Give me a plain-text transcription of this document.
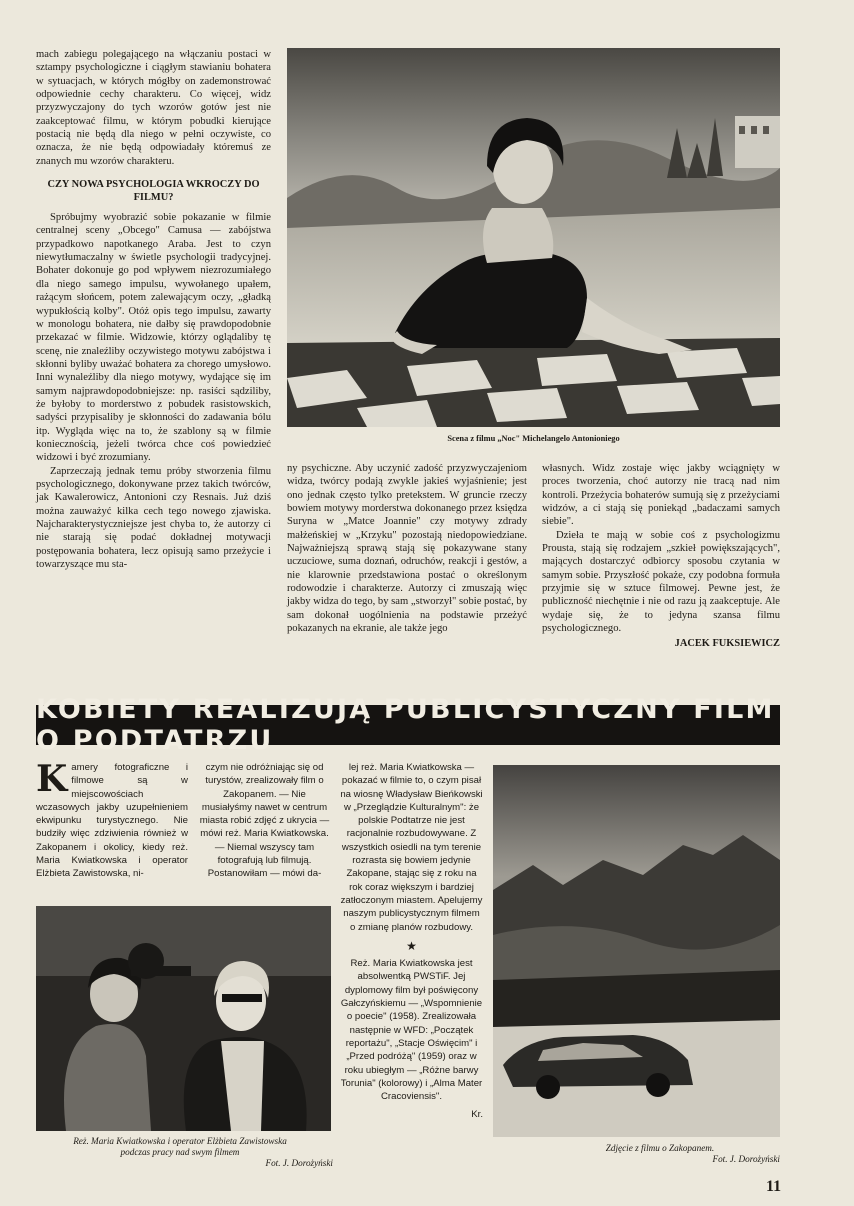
mach zabiegu polegającego na włączaniu postaci w sztampy psychologiczne i ciągłym stawianiu bohatera w sytuacjach, w których mógłby on zademonstrować odpowiednie cechy charakteru. Co więcej, widz przyzwyczajony do tych wzorów gotów jest nie zaakceptować filmu, w którym pobudki kierujące postacią nie będą dla niego w pełni oczywiste, co oznacza, że nie będą odpowiadały któremuś ze znanych mu wzorów charakteru.

CZY NOWA PSYCHOLOGIA WKROCZY DO FILMU?

Spróbujmy wyobrazić sobie pokazanie w filmie centralnej sceny „Obcego" Camusa — zabójstwa przypadkowo napotkanego Araba. Jest to czyn niewytłumaczalny w świetle psychologii tradycyjnej. Bohater dokonuje go pod wpływem niezrozumiałego dla niego samego impulsu, wywołanego upałem, rażącym słońcem, potem zalewającym oczy, „gładką wypukłością kolby". Otóż opis tego impulsu, zawarty w monologu bohatera, nie dałby się prawdopodobnie przekazać w filmie. Widzowie, którzy oglądaliby tę scenę, nie znaleźliby oczywistego motywu zabójstwa i skłonni byliby uważać bohatera za chorego umysłowo. Inni wynaleźliby dla niego motywy, wydające się im samym najprawdopodobniejsze: np. rasiści sądziliby, że byłoby to morderstwo z pobudek rasistowskich, sadyści przypisaliby je skłonności do zadawania bólu itp. Wygląda więc na to, że szablony są w filmie koniecznością, jeżeli twórca chce coś powiedzieć widzowi i być zrozumiany.

Zaprzeczają jednak temu próby stworzenia filmu psychologicznego, dokonywane przez takich twórców, jak Kawalerowicz, Antonioni czy Resnais. Już dziś można zauważyć kilka cech tego nowego zjawiska. Najcharakterystyczniejsze jest chyba to, że autorzy ci nie starają się podać dokładnej motywacji postępowania bohatera, lecz opisują samo przeżycie i towarzyszące mu sta-

Scena z filmu „Noc" Michelangelo Antonioniego

ny psychiczne. Aby uczynić zadość przyzwyczajeniom widza, twórcy podają zwykle jakieś wyjaśnienie; jest ono jednak często tylko pretekstem. W gruncie rzeczy bowiem motywy morderstwa dokonanego przez księdza Suryna w „Matce Joannie" czy motywy zdrady małżeńskiej w „Krzyku" pozostają niedopowiedziane. Najważniejszą sprawą stają się pokazywane stany uczuciowe, suma doznań, odruchów, reakcji i gestów, a nie klarownie przedstawiona postać o określonym rodowodzie i charakterze. Autorzy ci zmuszają więc jakby widza do tego, by sam „stworzył" sobie postać, by sam dokonał uogólnienia na podstawie przeżyć pokazanych na ekranie, ale także jego

własnych. Widz zostaje więc jakby wciągnięty w proces tworzenia, choć autorzy nie tracą nad nim kontroli. Przeżycia bohaterów sumują się z przeżyciami widzów, a ci stają się poniekąd „badaczami samych siebie".

Dzieła te mają w sobie coś z psychologizmu Prousta, stają się rodzajem „szkieł powiększających", mających dostarczyć odbiorcy sposobu czytania w samym sobie. Przyszłość pokaże, czy podobna formuła przyjmie się w sztuce filmowej. Pewne jest, że publiczność niechętnie i nie od razu ją zaakceptuje. Ale wydaje się, że to jedyna szansa filmu psychologicznego.

JACEK FUKSIEWICZ
KOBIETY REALIZUJĄ PUBLICYSTYCZNY FILM O PODTATRZU
K amery fotograficzne i filmowe są w miejscowościach wczasowych jakby uzupełnieniem ekwipunku turystycznego. Nie budziły więc zdziwienia również w Zakopanem i okolicy, kiedy reż. Maria Kwiatkowska i operator Elżbieta Zawistowska, ni-

czym nie odróżniając się od turystów, zrealizowały film o Zakopanem. — Nie musiałyśmy nawet w centrum miasta robić zdjęć z ukrycia — mówi reż. Maria Kwiatkowska. — Niemal wszyscy tam fotografują lub filmują. Postanowiłam — mówi da-

lej reż. Maria Kwiatkowska — pokazać w filmie to, o czym pisał na wiosnę Władysław Bieńkowski w „Przeglądzie Kulturalnym": że polskie Podtatrze nie jest racjonalnie rozbudowywane. Z wszystkich osiedli na tym terenie rozrasta się bowiem jedynie Zakopane, stając się z roku na rok coraz większym i bardziej zatłoczonym miastem. Apelujemy naszym publicystycznym filmem o zmianę planów rozbudowy.

★

Reż. Maria Kwiatkowska jest absolwentką PWSTiF. Jej dyplomowy film był poświęcony Gałczyńskiemu — „Wspomnienie o poecie" (1958). Zrealizowała następnie w WFD: „Początek reportażu", „Stacje Oświęcim" i „Przed podróżą" (1959) oraz w roku ubiegłym — „Różne barwy Torunia" (kolorowy) i „Alma Mater Cracoviensis".

Kr.
Reż. Maria Kwiatkowska i operator Elżbieta Zawistowska podczas pracy nad swym filmem
Fot. J. Dorożyński
Zdjęcie z filmu o Zakopanem.
Fot. J. Dorożyński
11
